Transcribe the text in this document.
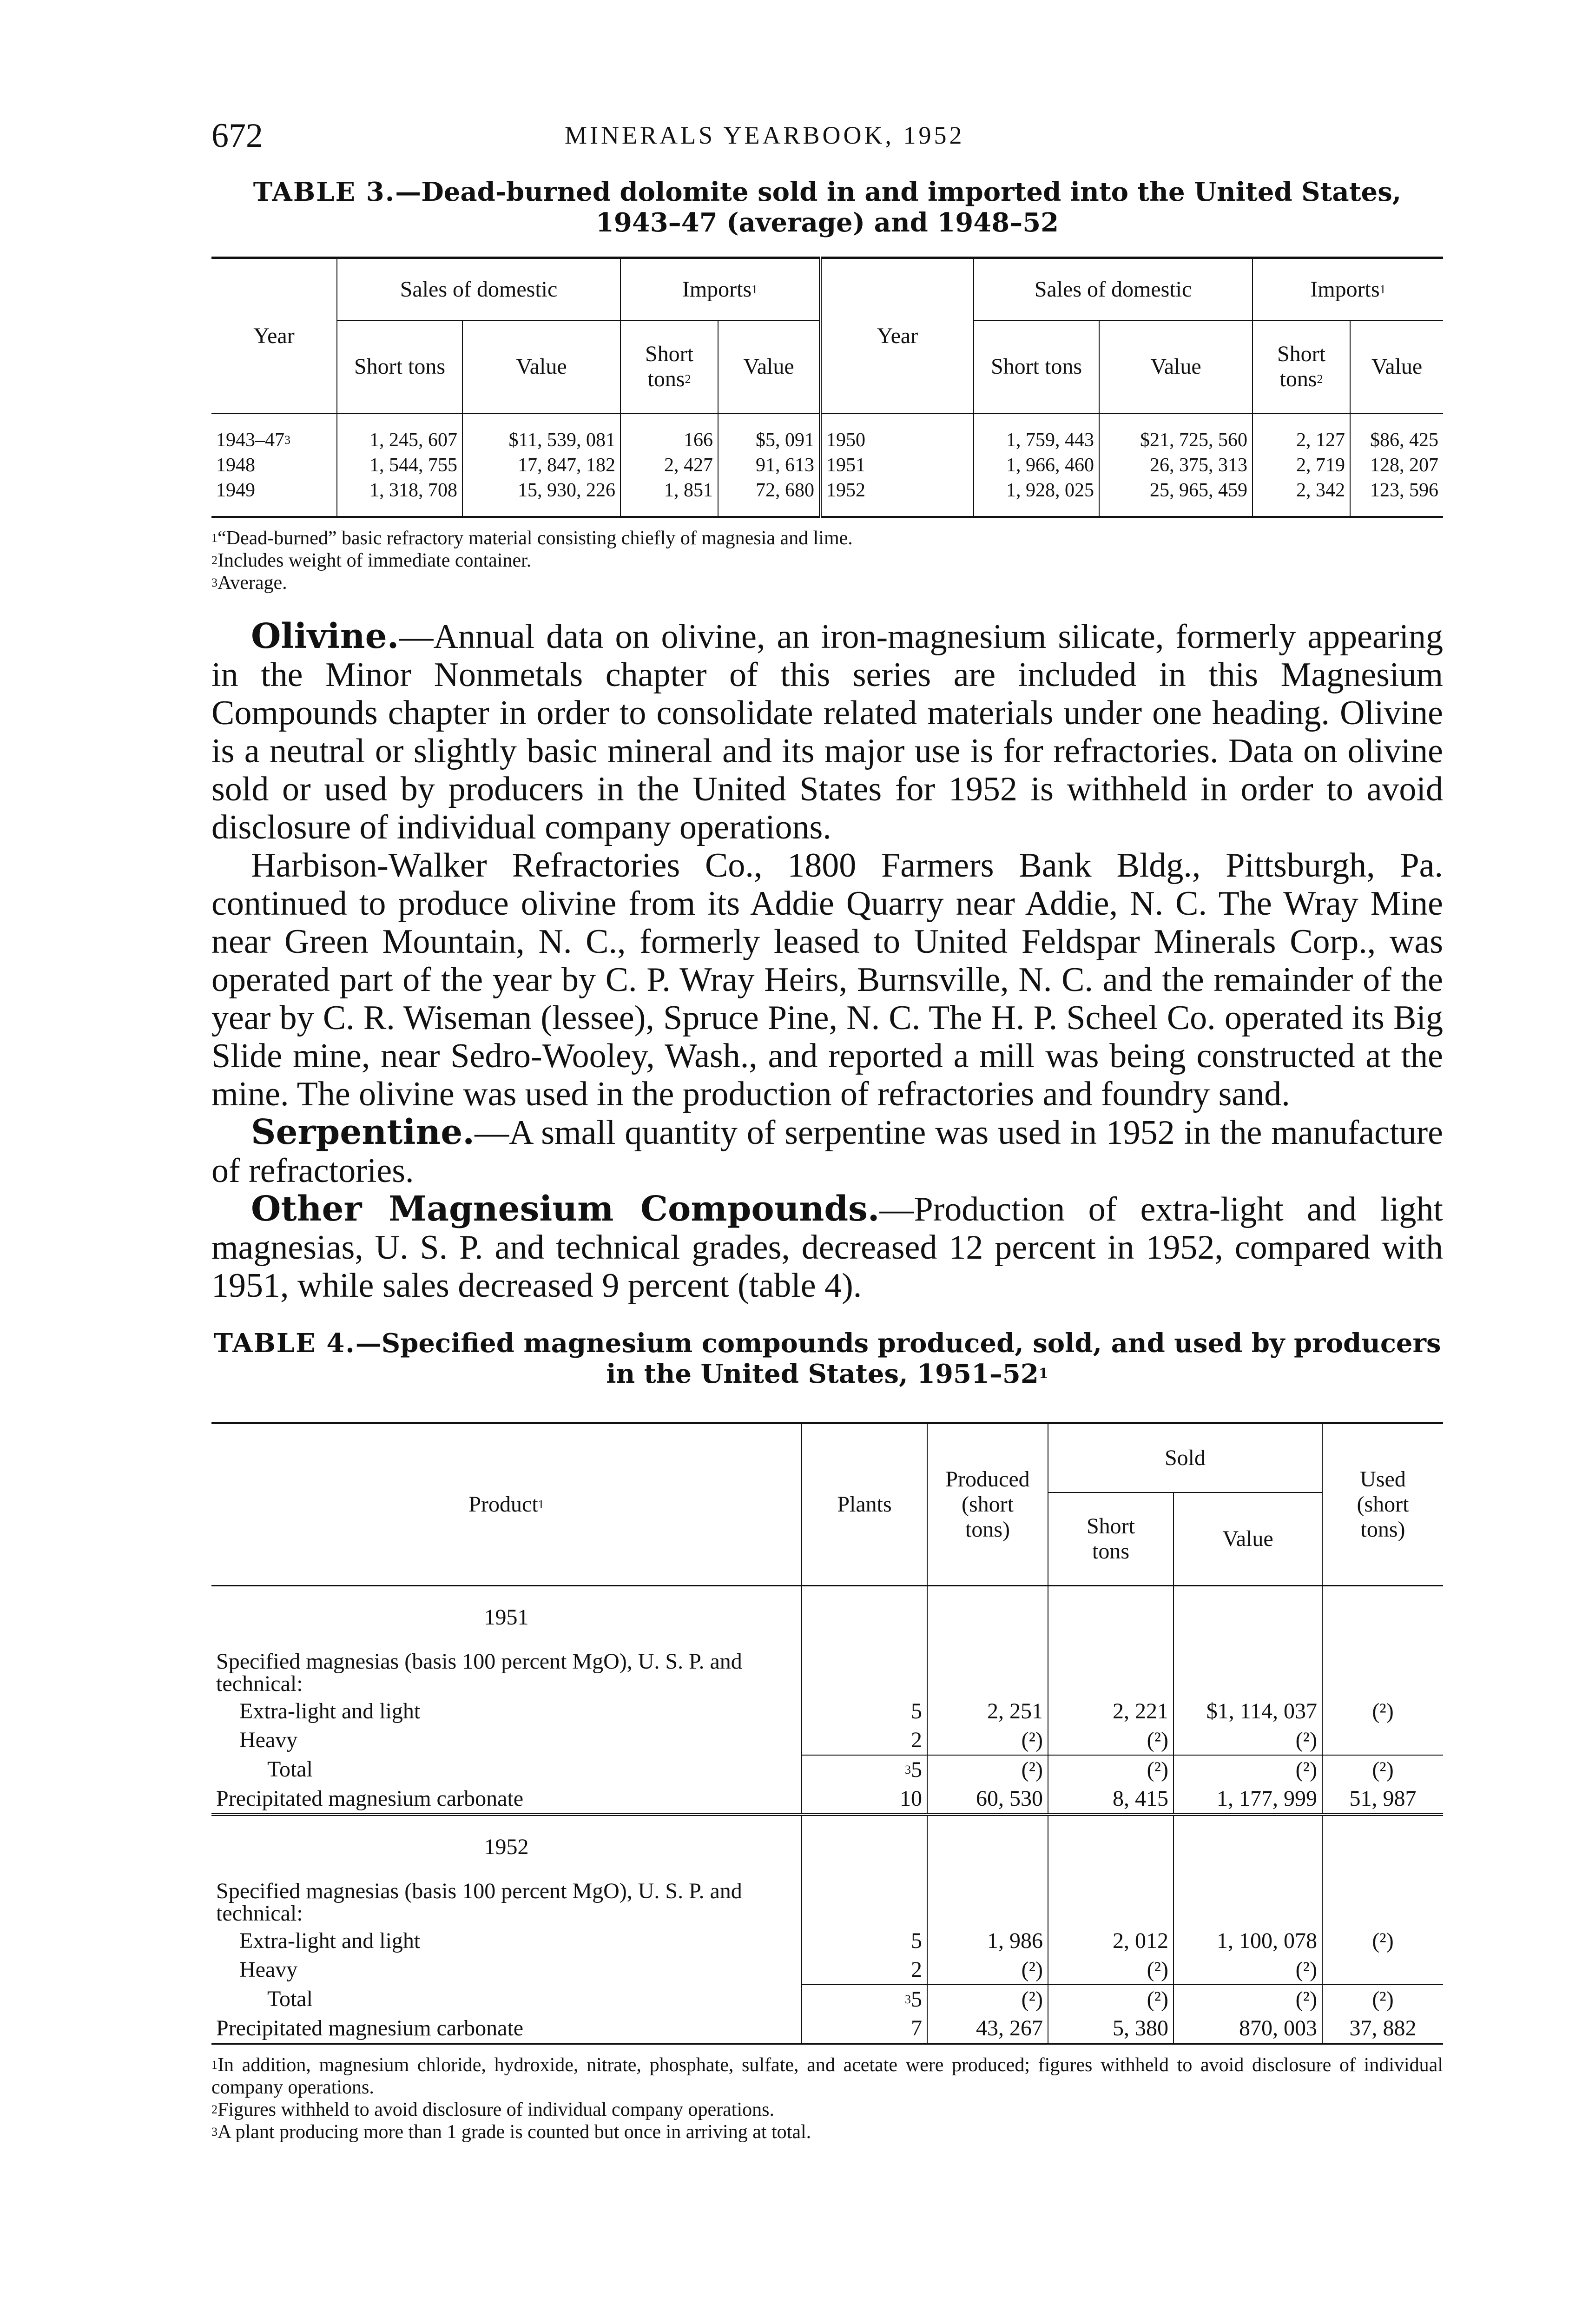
672	MINERALS YEARBOOK, 1952

TABLE 3.—Dead-burned dolomite sold in and imported into the United States, 1943–47 (average) and 1948–52

Year	Sales of domestic		Imports$^1$		Year	Sales of domestic		Imports$^1$
	Short tons	Value	Short tons$^2$	Value		Short tons	Value	Short tons$^2$	Value

$1943-47^3$	1, 245, 607	$11, 539, 081	166	$5, 091	1950	1, 759, 443	$21, 725, 560	2, 127	$86, 425
1948	1, 544, 755	17, 847, 182	2, 427	91, 613	1951	1, 966, 460	26, 375, 313	2, 719	128, 207
1949	1, 318, 708	15, 930, 226	1, 851	72, 680	1952	1, 928, 025	25, 965, 459	2, 342	123, 596

$^1$“Dead-burned” basic refractory material consisting chiefly of magnesia and lime.

$^2$Includes weight of immediate container.

$^3$Average.

Olivine.—Annual data on olivine, an iron-magnesium silicate, formerly appearing in the Minor Nonmetals chapter of this series are included in this Magnesium Compounds chapter in order to consolidate related materials under one heading. Olivine is a neutral or slightly basic mineral and its major use is for refractories. Data on olivine sold or used by producers in the United States for 1952 is withheld in order to avoid disclosure of individual company operations.

Harbison-Walker Refractories Co., 1800 Farmers Bank Bldg., Pittsburgh, Pa. continued to produce olivine from its Addie Quarry near Addie, N. C. The Wray Mine near Green Mountain, N. C., formerly leased to United Feldspar Minerals Corp., was operated part of the year by C. P. Wray Heirs, Burnsville, N. C. and the remainder of the year by C. R. Wiseman (lessee), Spruce Pine, N. C. The H. P. Scheel Co. operated its Big Slide mine, near Sedro-Wooley, Wash., and reported a mill was being constructed at the mine. The olivine was used in the production of refractories and foundry sand.

Serpentine.—A small quantity of serpentine was used in 1952 in the manufacture of refractories.

Other Magnesium Compounds.—Production of extra-light and light magnesias, U. S. P. and technical grades, decreased 12 percent in 1952, compared with 1951, while sales decreased 9 percent (table 4).

TABLE 4.—Specified magnesium compounds produced, sold, and used by producers in the United States, $1951-52^1$

Product$^1$	Plants	Produced (short tons)	Sold		Used (short tons)
			Short tons	Value	
1951					
Specified magnesias (basis 100 percent MgO), U. S. P. and technical:					
Extra-light and light	5	2, 251	2, 221	$1, 114, 037	(²)
Heavy	2	(²)	(²)	(²)	
Total	$^3$5	(²)	(²)	(²)	(²)
Precipitated magnesium carbonate	10	60, 530	8, 415	1, 177, 999	51, 987
1952					
Specified magnesias (basis 100 percent MgO), U. S. P. and technical:					
Extra-light and light	5	1, 986	2, 012	1, 100, 078	(²)
Heavy	2	(²)	(²)	(²)	
Total	$^3$5	(²)	(²)	(²)	(²)
Precipitated magnesium carbonate	7	43, 267	5, 380	870, 003	37, 882

$^1$In addition, magnesium chloride, hydroxide, nitrate, phosphate, sulfate, and acetate were produced; figures withheld to avoid disclosure of individual company operations.

$^2$Figures withheld to avoid disclosure of individual company operations.

$^3$A plant producing more than 1 grade is counted but once in arriving at total.
